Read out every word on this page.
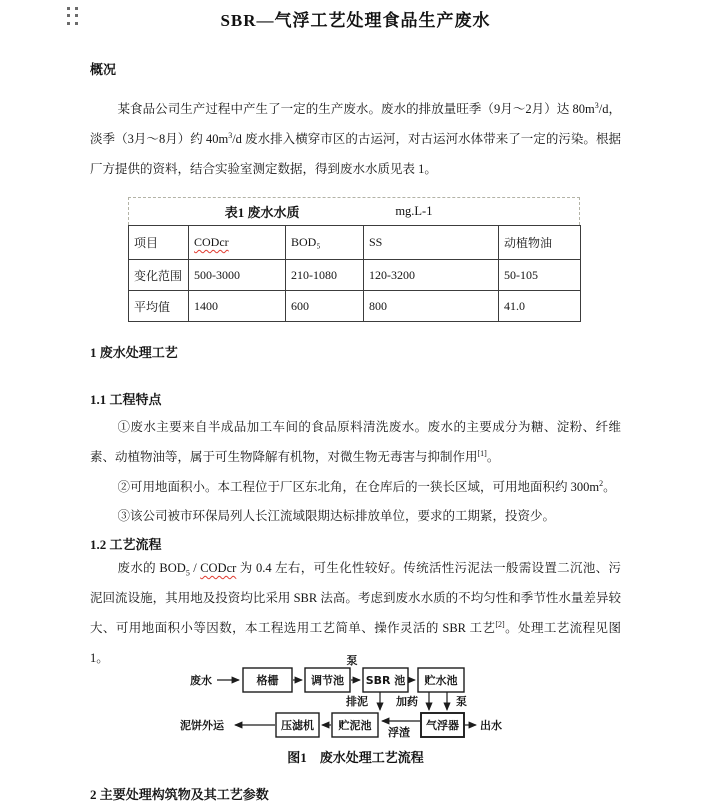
SBR—气浮工艺处理食品生产废水
概况

某食品公司生产过程中产生了一定的生产废水。废水的排放量旺季（9月～2月）达 $80m^3/d$，淡季（3月～8月）约 $40m^3/d$ 废水排入横穿市区的古运河，对古运河水体带来了一定的污染。根据厂方提供的资料，结合实验室测定数据，得到废水水质见表 1。

表1 废水水质	mg.L-1
项目	CODcr	BOD₅	SS	动植物油
变化范围	500-3000	210-1080	120-3200	50-105
平均值	1400	600	800	41.0
1 废水处理工艺
1.1 工程特点

①废水主要来自半成品加工车间的食品原料清洗废水。废水的主要成分为糖、淀粉、纤维素、动植物油等，属于可生物降解有机物，对微生物无毒害与抑制作用[1]。

②可用地面积小。本工程位于厂区东北角，在仓库后的一狭长区域，可用地面积约 $300m^2$。

③该公司被市环保局列人长江流域限期达标排放单位，要求的工期紧，投资少。

1.2 工艺流程

废水的 $BOD_5$ / CODcr 为 0.4 左右，可生化性较好。传统活性污泥法一般需设置二沉池、污泥回流设施，其用地及投资均比采用 SBR 法高。考虑到废水水质的不均匀性和季节性水量差异较大、可用地面积小等因数，本工程选用工艺简单、操作灵活的 SBR 工艺[2]。处理工艺流程见图 1。

废水	格栅	调节池
泵
SBR 池 贮水池
排泥	加药	泵
泥饼外运	压滤机 贮泥池
浮渣
气浮器 出水
图1　废水处理工艺流程
2 主要处理构筑物及其工艺参数
